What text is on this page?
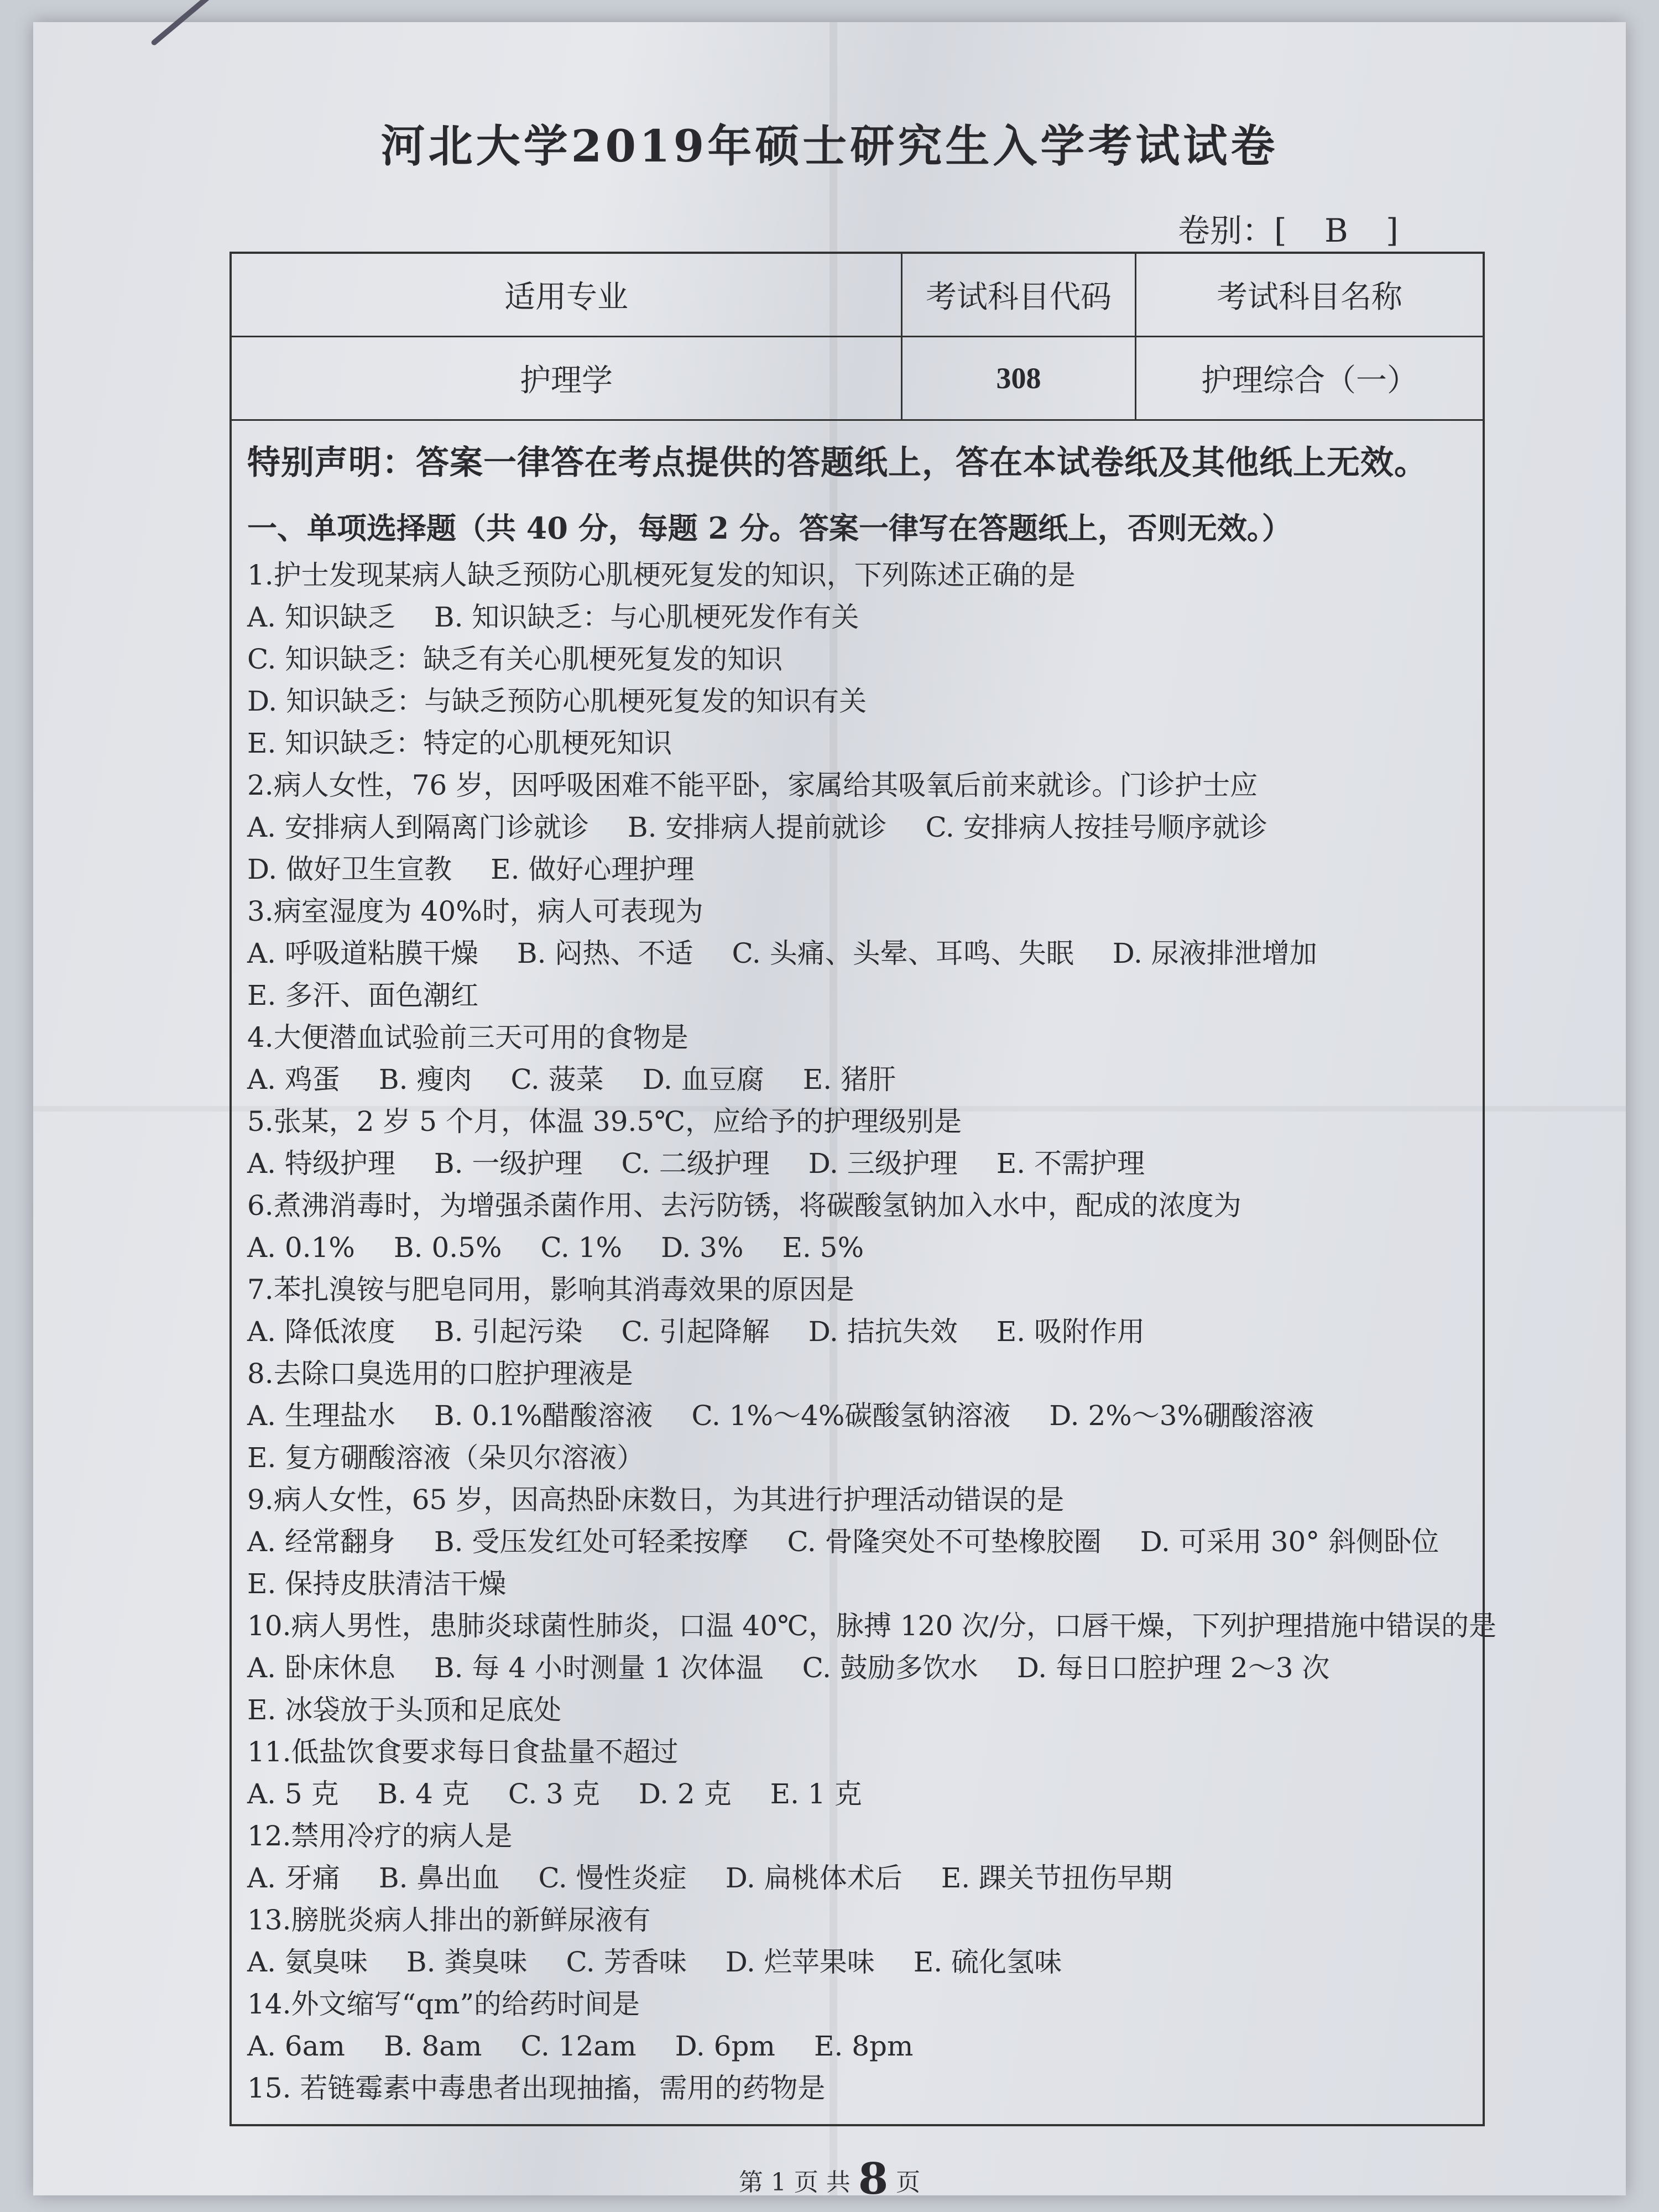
河北大学2019年硕士研究生入学考试试卷
卷别：[ B ]
适用专业	考试科目代码	考试科目名称
护理学	308	护理综合（一）
特别声明：答案一律答在考点提供的答题纸上，答在本试卷纸及其他纸上无效。
一、单项选择题（共 40 分，每题 2 分。答案一律写在答题纸上，否则无效。）
1.护士发现某病人缺乏预防心肌梗死复发的知识，下列陈述正确的是
A. 知识缺乏 B. 知识缺乏：与心肌梗死发作有关
C. 知识缺乏：缺乏有关心肌梗死复发的知识
D. 知识缺乏：与缺乏预防心肌梗死复发的知识有关
E. 知识缺乏：特定的心肌梗死知识
2.病人女性，76 岁，因呼吸困难不能平卧，家属给其吸氧后前来就诊。门诊护士应
A. 安排病人到隔离门诊就诊 B. 安排病人提前就诊 C. 安排病人按挂号顺序就诊
D. 做好卫生宣教 E. 做好心理护理
3.病室湿度为 40%时，病人可表现为
A. 呼吸道粘膜干燥 B. 闷热、不适 C. 头痛、头晕、耳鸣、失眠 D. 尿液排泄增加
E. 多汗、面色潮红
4.大便潜血试验前三天可用的食物是
A. 鸡蛋 B. 瘦肉 C. 菠菜 D. 血豆腐 E. 猪肝
5.张某，2 岁 5 个月，体温 39.5℃，应给予的护理级别是
A. 特级护理 B. 一级护理 C. 二级护理 D. 三级护理 E. 不需护理
6.煮沸消毒时，为增强杀菌作用、去污防锈，将碳酸氢钠加入水中，配成的浓度为
A. 0.1% B. 0.5% C. 1% D. 3% E. 5%
7.苯扎溴铵与肥皂同用，影响其消毒效果的原因是
A. 降低浓度 B. 引起污染 C. 引起降解 D. 拮抗失效 E. 吸附作用
8.去除口臭选用的口腔护理液是
A. 生理盐水 B. 0.1%醋酸溶液 C. 1%～4%碳酸氢钠溶液 D. 2%～3%硼酸溶液
E. 复方硼酸溶液（朵贝尔溶液）
9.病人女性，65 岁，因高热卧床数日，为其进行护理活动错误的是
A. 经常翻身 B. 受压发红处可轻柔按摩 C. 骨隆突处不可垫橡胶圈 D. 可采用 30° 斜侧卧位
E. 保持皮肤清洁干燥
10.病人男性，患肺炎球菌性肺炎，口温 40℃，脉搏 120 次/分，口唇干燥，下列护理措施中错误的是
A. 卧床休息 B. 每 4 小时测量 1 次体温 C. 鼓励多饮水 D. 每日口腔护理 2～3 次
E. 冰袋放于头顶和足底处
11.低盐饮食要求每日食盐量不超过
A. 5 克 B. 4 克 C. 3 克 D. 2 克 E. 1 克
12.禁用冷疗的病人是
A. 牙痛 B. 鼻出血 C. 慢性炎症 D. 扁桃体术后 E. 踝关节扭伤早期
13.膀胱炎病人排出的新鲜尿液有
A. 氨臭味 B. 粪臭味 C. 芳香味 D. 烂苹果味 E. 硫化氢味
14.外文缩写“qm”的给药时间是
A. 6am B. 8am C. 12am D. 6pm E. 8pm
15. 若链霉素中毒患者出现抽搐，需用的药物是
第 1 页 共 8 页
